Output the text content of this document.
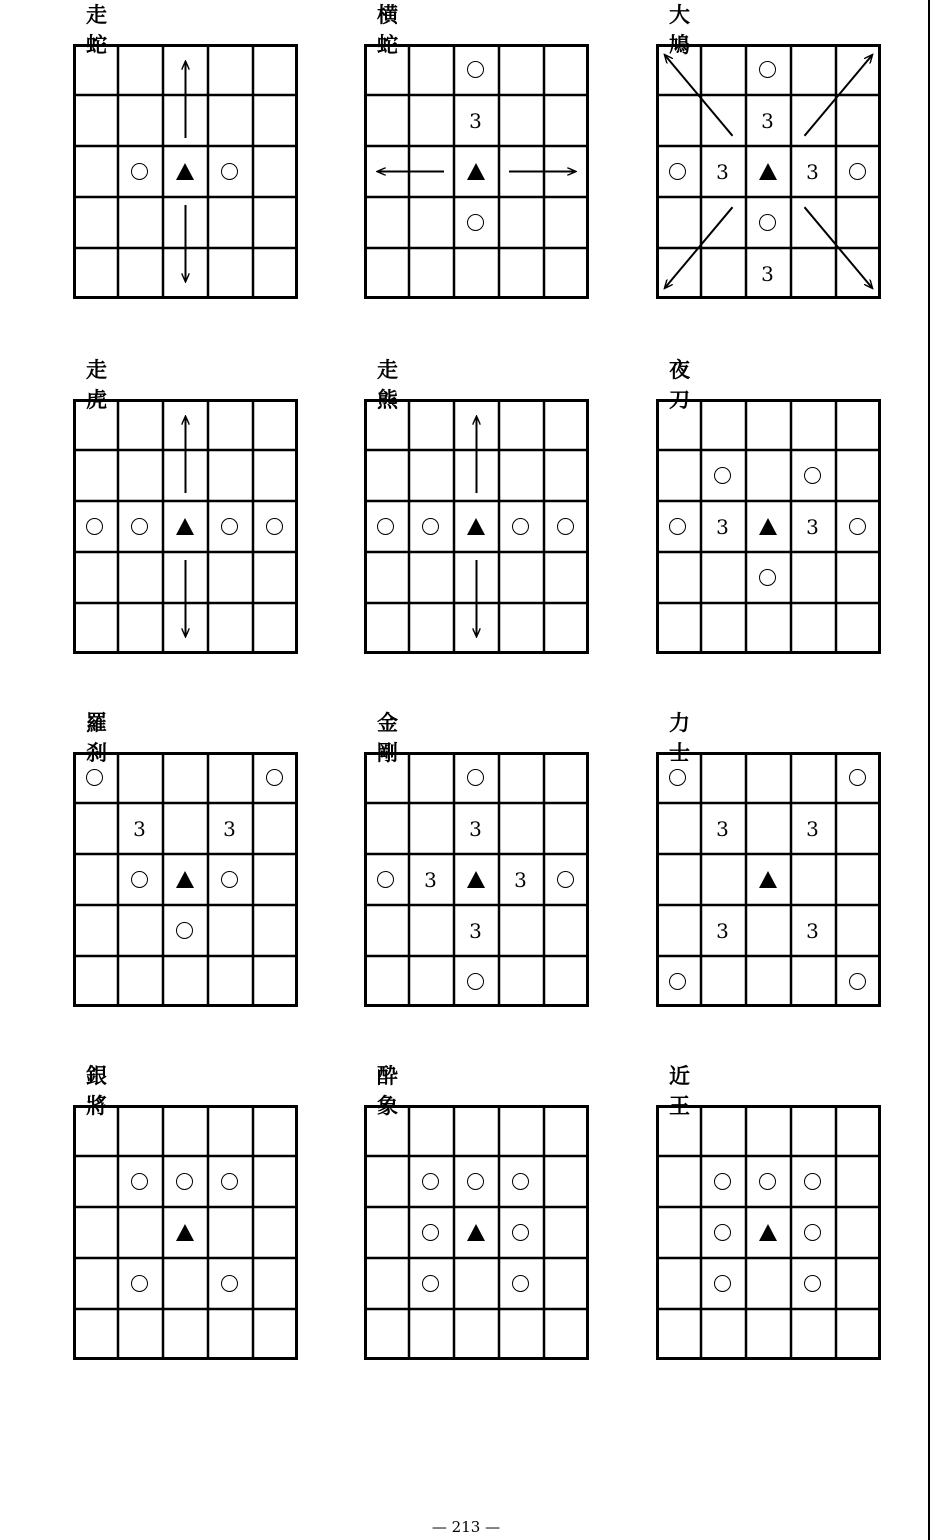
走蛇
横蛇
3
大鳩
3
3	3
3
走虎
走熊
夜刀
3	3
羅刹
3	3
金剛
3
3	3
3
力士
3	3
3	3
銀將
酔象
近王
— 213 —
